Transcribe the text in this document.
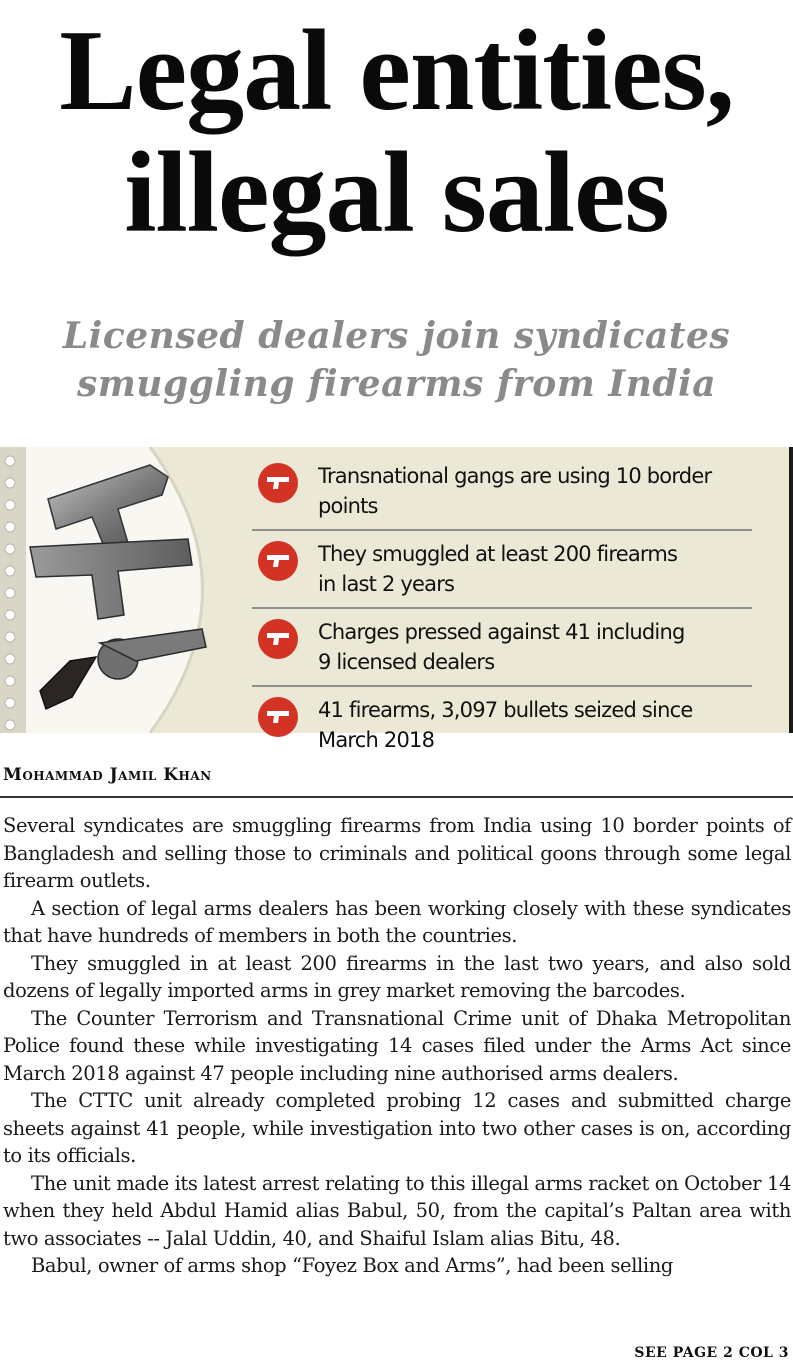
Legal entities,
illegal sales
Licensed dealers join syndicates
smuggling firearms from India
Transnational gangs are using 10 border points
They smuggled at least 200 firearms
in last 2 years
Charges pressed against 41 including
9 licensed dealers
41 firearms, 3,097 bullets seized since
March 2018
Mohammad Jamil Khan

Several syndicates are smuggling firearms from India using 10 border points of Bangladesh and selling those to criminals and political goons through some legal firearm outlets.

A section of legal arms dealers has been working closely with these syndicates that have hundreds of members in both the countries.

They smuggled in at least 200 firearms in the last two years, and also sold dozens of legally imported arms in grey market removing the barcodes.

The Counter Terrorism and Transnational Crime unit of Dhaka Metropolitan Police found these while investigating 14 cases filed under the Arms Act since March 2018 against 47 people including nine authorised arms dealers.

The CTTC unit already completed probing 12 cases and submitted charge sheets against 41 people, while investigation into two other cases is on, according to its officials.

The unit made its latest arrest relating to this illegal arms racket on October 14 when they held Abdul Hamid alias Babul, 50, from the capital’s Paltan area with two associates -- Jalal Uddin, 40, and Shaiful Islam alias Bitu, 48.

Babul, owner of arms shop “Foyez Box and Arms”, had been selling

SEE PAGE 2 COL 3
